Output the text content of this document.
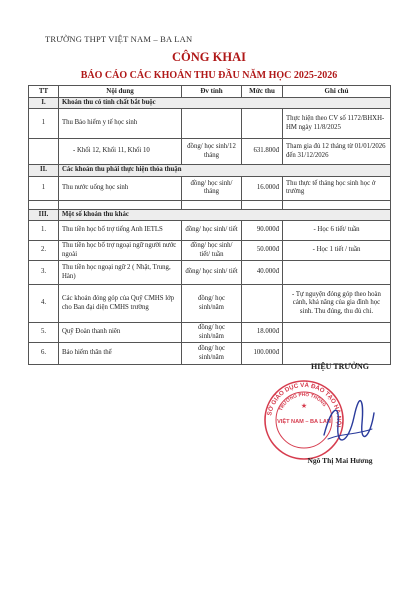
TRƯỜNG THPT VIỆT NAM – BA LAN
CÔNG KHAI
BÁO CÁO CÁC KHOẢN THU ĐẦU NĂM HỌC 2025-2026
TT	Nội dung	Đv tính	Mức thu	Ghi chú
I.	Khoản thu có tính chất bắt buộc			
1	Thu Bảo hiểm y tế học sinh			Thực hiện theo CV số 1172/BHXH-HM ngày 11/8/2025
	- Khối 12, Khối 11, Khối 10	đồng/ học sinh/12 tháng	631.800đ	Tham gia đủ 12 tháng từ 01/01/2026 đến 31/12/2026
II.	Các khoản thu phải thực hiện thỏa thuận			
1	Thu nước uống học sinh	đồng/ học sinh/ tháng	16.000đ	Thu thực tế tháng học sinh học ở trường

III.	Một số khoản thu khác			
1.	Thu tiền học bổ trợ tiếng Anh IETLS	đồng/ học sinh/ tiết	90.000đ	- Học 6 tiết/ tuần
2.	Thu tiền học bổ trợ ngoại ngữ người nước ngoài	đồng/ học sinh/ tiết/ tuần	50.000đ	- Học 1 tiết / tuần
3.	Thu tiền học ngoại ngữ 2 ( Nhật, Trung, Hàn)	đồng/ học sinh/ tiết	40.000đ	
4.	Các khoản đóng góp của Quỹ CMHS lớp cho Ban đại diện CMHS trường	đồng/ học sinh/năm		- Tự nguyện đóng góp theo hoàn cảnh, khả năng của gia đình học sinh. Thu đúng, thu đủ chi.
5.	Quỹ Đoàn thanh niên	đồng/ học sinh/năm	18.000đ	
6.	Bảo hiểm thân thể	đồng/ học sinh/năm	100.000đ	
HIỆU TRƯỞNG
SỞ GIÁO DỤC VÀ ĐÀO TẠO HÀ NỘI
TRƯỜNG PHỔ THÔNG
VIỆT NAM – BA LAN
★
Ngô Thị Mai Hương
